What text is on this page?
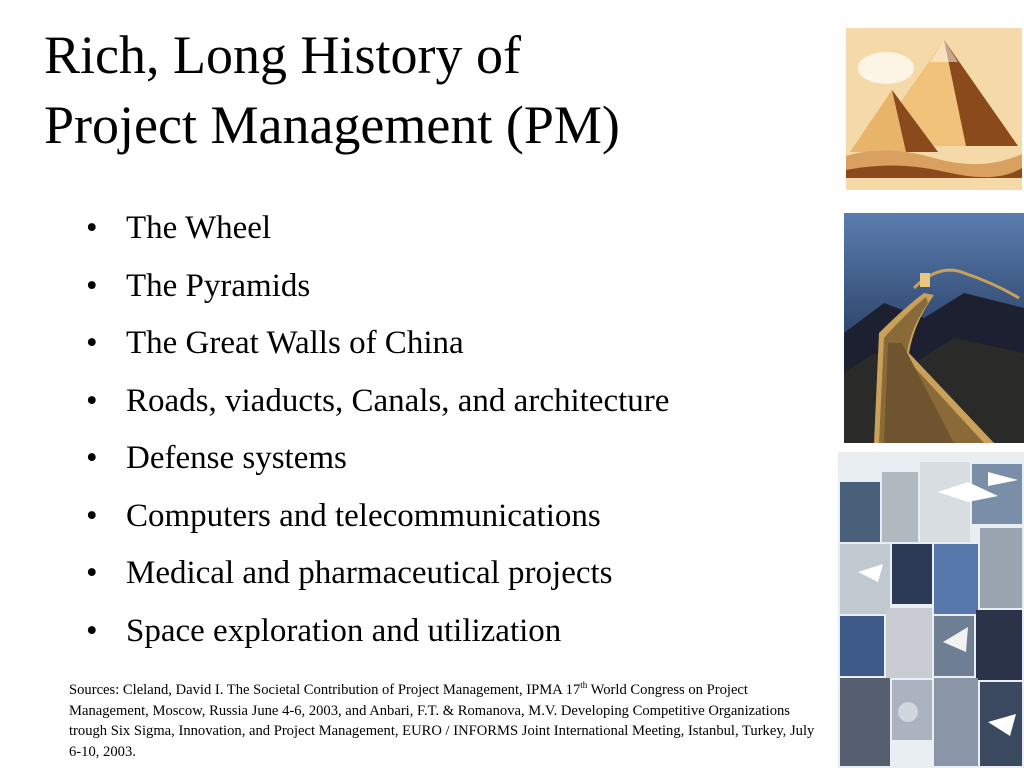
Rich, Long History of
Project Management (PM)
• The Wheel
• The Pyramids
• The Great Walls of China
• Roads, viaducts, Canals, and architecture
• Defense systems
• Computers and telecommunications
• Medical and pharmaceutical projects
• Space exploration and utilization
Sources: Cleland, David I. The Societal Contribution of Project Management, IPMA 17th World Congress on Project Management, Moscow, Russia June 4-6, 2003, and Anbari, F.T. & Romanova, M.V. Developing Competitive Organizations trough Six Sigma, Innovation, and Project Management, EURO / INFORMS Joint International Meeting, Istanbul, Turkey, July 6-10, 2003.
